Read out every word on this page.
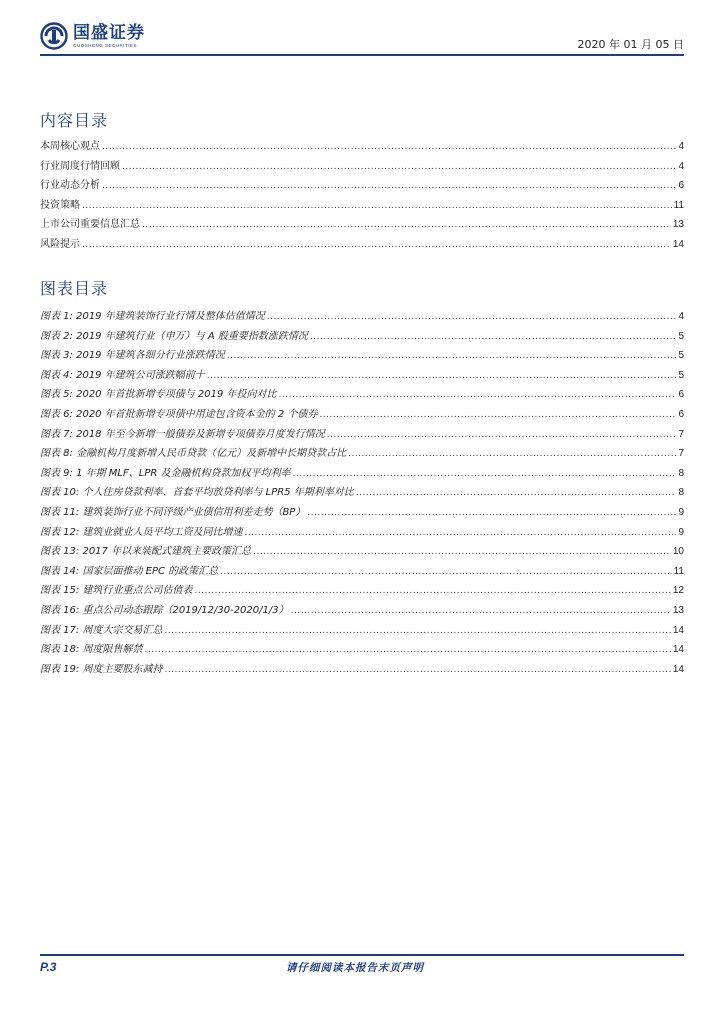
国盛证券
GUOSHENG SECURITIES	2020 年 01 月 05 日
内容目录
本周核心观点 .....	4
行业周度行情回顾 .....	4
行业动态分析 .....	6
投资策略 .....	11
上市公司重要信息汇总 .....	13
风险提示 .....	14
图表目录
图表 1: 2019 年建筑装饰行业行情及整体估值情况 .....	4
图表 2: 2019 年建筑行业（申万）与 A 股重要指数涨跌情况 .....	5
图表 3: 2019 年建筑各细分行业涨跌情况 .....	5
图表 4: 2019 年建筑公司涨跌幅前十 .....	5
图表 5: 2020 年首批新增专项债与 2019 年投向对比 .....	6
图表 6: 2020 年首批新增专项债中用途包含资本金的 2 个债券 .....	6
图表 7: 2018 年至今新增一般债券及新增专项债券月度发行情况 .....	7
图表 8: 金融机构月度新增人民币贷款（亿元）及新增中长期贷款占比 .....	7
图表 9: 1 年期 MLF、LPR 及金融机构贷款加权平均利率 .....	8
图表 10: 个人住房贷款利率、首套平均放贷利率与 LPR5 年期利率对比 .....	8
图表 11: 建筑装饰行业不同评级产业债信用利差走势（BP） .....	9
图表 12: 建筑业就业人员平均工资及同比增速 .....	9
图表 13: 2017 年以来装配式建筑主要政策汇总 .....	10
图表 14: 国家层面推动 EPC 的政策汇总 .....	11
图表 15: 建筑行业重点公司估值表 .....	12
图表 16: 重点公司动态跟踪（2019/12/30-2020/1/3） .....	13
图表 17: 周度大宗交易汇总 .....	14
图表 18: 周度限售解禁 .....	14
图表 19: 周度主要股东减持 .....	14
P.3	请仔细阅读本报告末页声明
